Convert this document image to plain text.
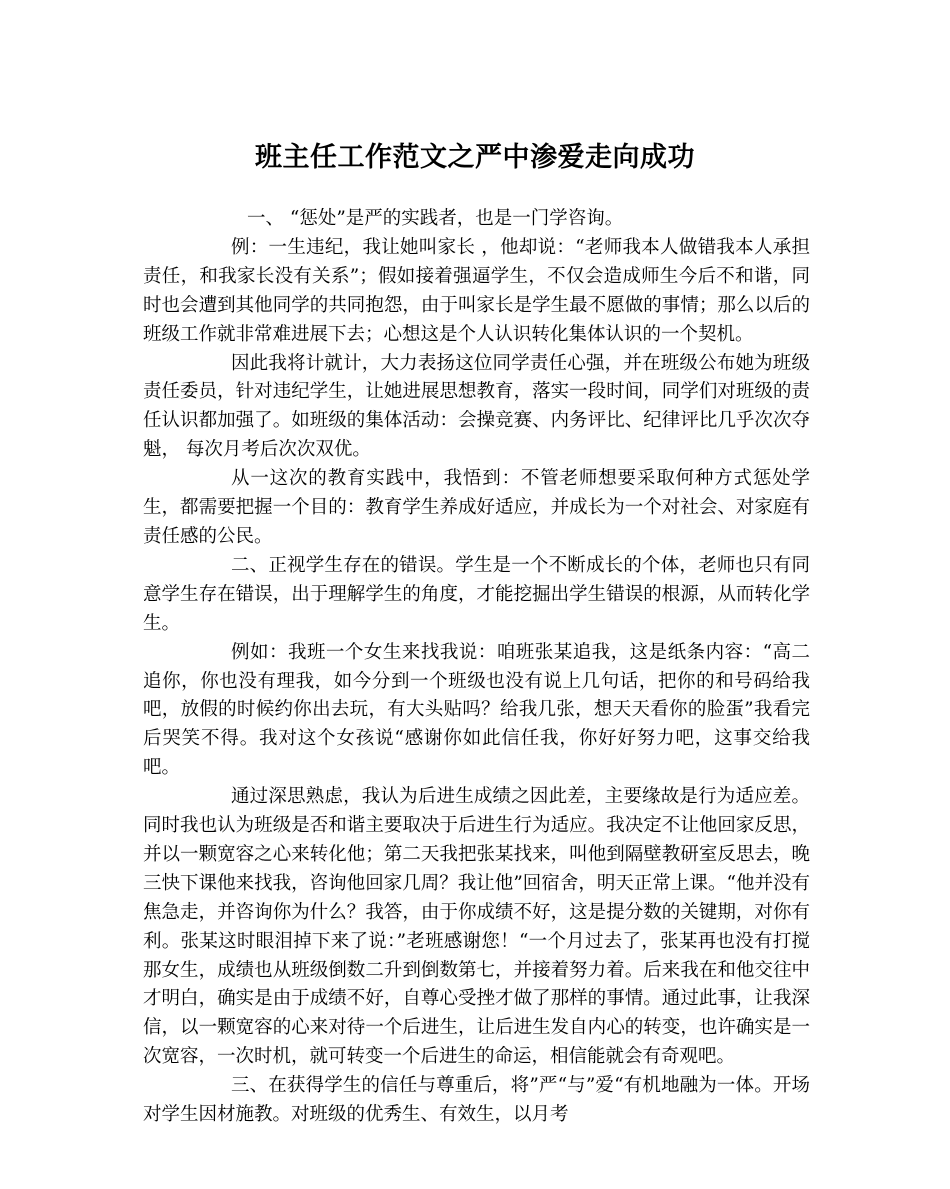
班主任工作范文之严中渗爱走向成功

一、 “惩处”是严的实践者，也是一门学咨询。

例：一生违纪，我让她叫家长 ，他却说：“老师我本人做错我本人承担责任，和我家长没有关系”；假如接着强逼学生，不仅会造成师生今后不和谐，同时也会遭到其他同学的共同抱怨，由于叫家长是学生最不愿做的事情；那么以后的班级工作就非常难进展下去；心想这是个人认识转化集体认识的一个契机。

因此我将计就计，大力表扬这位同学责任心强，并在班级公布她为班级责任委员，针对违纪学生，让她进展思想教育，落实一段时间，同学们对班级的责任认识都加强了。如班级的集体活动：会操竞赛、内务评比、纪律评比几乎次次夺魁， 每次月考后次次双优。

从一这次的教育实践中，我悟到：不管老师想要采取何种方式惩处学生，都需要把握一个目的：教育学生养成好适应，并成长为一个对社会、对家庭有责任感的公民。

二、正视学生存在的错误。学生是一个不断成长的个体，老师也只有同意学生存在错误，出于理解学生的角度，才能挖掘出学生错误的根源，从而转化学生。

例如：我班一个女生来找我说：咱班张某追我，这是纸条内容：“高二追你，你也没有理我，如今分到一个班级也没有说上几句话，把你的和号码给我吧，放假的时候约你出去玩，有大头贴吗？给我几张，想天天看你的脸蛋”我看完后哭笑不得。我对这个女孩说“感谢你如此信任我，你好好努力吧，这事交给我吧。

通过深思熟虑，我认为后进生成绩之因此差，主要缘故是行为适应差。同时我也认为班级是否和谐主要取决于后进生行为适应。我决定不让他回家反思，并以一颗宽容之心来转化他；第二天我把张某找来，叫他到隔壁教研室反思去，晚三快下课他来找我，咨询他回家几周？我让他”回宿舍，明天正常上课。“他并没有焦急走，并咨询你为什么？我答，由于你成绩不好，这是提分数的关键期，对你有利。张某这时眼泪掉下来了说：”老班感谢您！“一个月过去了，张某再也没有打搅那女生，成绩也从班级倒数二升到倒数第七，并接着努力着。后来我在和他交往中才明白，确实是由于成绩不好，自尊心受挫才做了那样的事情。通过此事，让我深信，以一颗宽容的心来对待一个后进生，让后进生发自内心的转变，也许确实是一次宽容，一次时机，就可转变一个后进生的命运，相信能就会有奇观吧。

三、在获得学生的信任与尊重后，将”严“与”爱“有机地融为一体。开场对学生因材施教。对班级的优秀生、有效生，以月考
